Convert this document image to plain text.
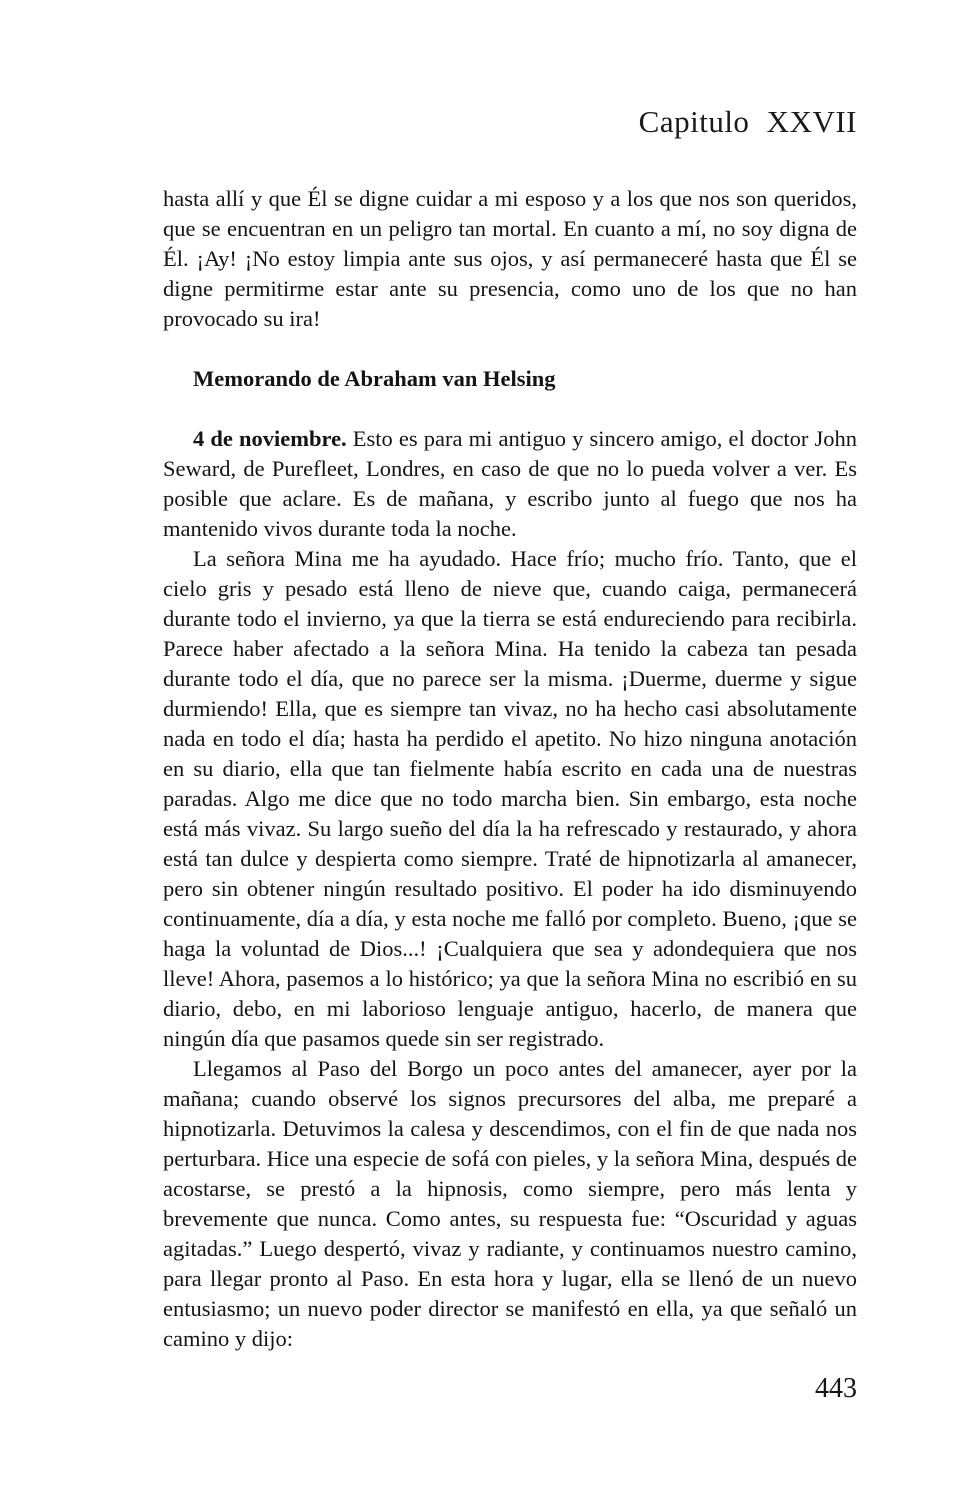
Capitulo XXVII

hasta allí y que Él se digne cuidar a mi esposo y a los que nos son queridos, que se encuentran en un peligro tan mortal. En cuanto a mí, no soy digna de Él. ¡Ay! ¡No estoy limpia ante sus ojos, y así permaneceré hasta que Él se digne permitirme estar ante su presencia, como uno de los que no han provocado su ira!

Memorando de Abraham van Helsing

4 de noviembre. Esto es para mi antiguo y sincero amigo, el doctor John Seward, de Purefleet, Londres, en caso de que no lo pueda volver a ver. Es posible que aclare. Es de mañana, y escribo junto al fuego que nos ha mantenido vivos durante toda la noche.

La señora Mina me ha ayudado. Hace frío; mucho frío. Tanto, que el cielo gris y pesado está lleno de nieve que, cuando caiga, permanecerá durante todo el invierno, ya que la tierra se está endureciendo para recibirla. Parece haber afectado a la señora Mina. Ha tenido la cabeza tan pesada durante todo el día, que no parece ser la misma. ¡Duerme, duerme y sigue durmiendo! Ella, que es siempre tan vivaz, no ha hecho casi absolutamente nada en todo el día; hasta ha perdido el apetito. No hizo ninguna anotación en su diario, ella que tan fielmente había escrito en cada una de nuestras paradas. Algo me dice que no todo marcha bien. Sin embargo, esta noche está más vivaz. Su largo sueño del día la ha refrescado y restaurado, y ahora está tan dulce y despierta como siempre. Traté de hipnotizarla al amanecer, pero sin obtener ningún resultado positivo. El poder ha ido disminuyendo continuamente, día a día, y esta noche me falló por completo. Bueno, ¡que se haga la voluntad de Dios...! ¡Cualquiera que sea y adondequiera que nos lleve! Ahora, pasemos a lo histórico; ya que la señora Mina no escribió en su diario, debo, en mi laborioso lenguaje antiguo, hacerlo, de manera que ningún día que pasamos quede sin ser registrado.

Llegamos al Paso del Borgo un poco antes del amanecer, ayer por la mañana; cuando observé los signos precursores del alba, me preparé a hipnotizarla. Detuvimos la calesa y descendimos, con el fin de que nada nos perturbara. Hice una especie de sofá con pieles, y la señora Mina, después de acostarse, se prestó a la hipnosis, como siempre, pero más lenta y brevemente que nunca. Como antes, su respuesta fue: “Oscuridad y aguas agitadas.” Luego despertó, vivaz y radiante, y continuamos nuestro camino, para llegar pronto al Paso. En esta hora y lugar, ella se llenó de un nuevo entusiasmo; un nuevo poder director se manifestó en ella, ya que señaló un camino y dijo:

443
